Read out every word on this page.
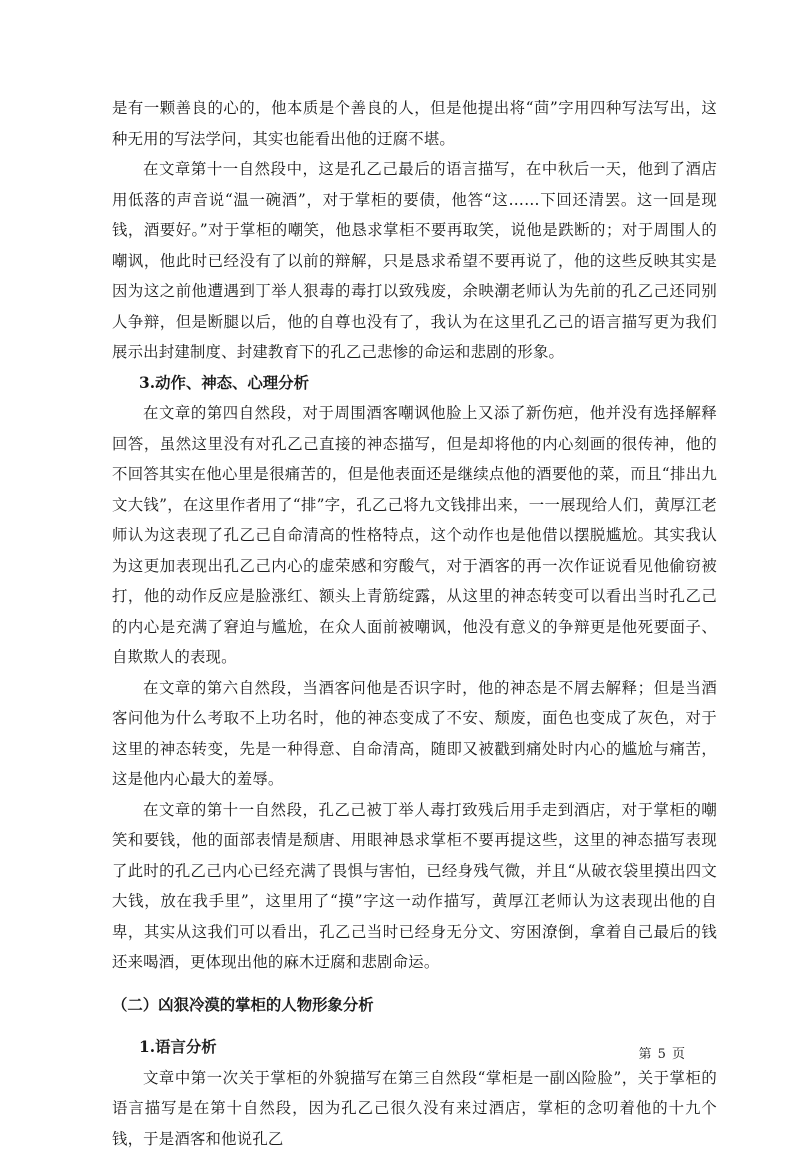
是有一颗善良的心的，他本质是个善良的人，但是他提出将“茴”字用四种写法写出，这种无用的写法学问，其实也能看出他的迂腐不堪。

在文章第十一自然段中，这是孔乙己最后的语言描写，在中秋后一天，他到了酒店用低落的声音说“温一碗酒”，对于掌柜的要债，他答“这……下回还清罢。这一回是现钱，酒要好。”对于掌柜的嘲笑，他恳求掌柜不要再取笑，说他是跌断的；对于周围人的嘲讽，他此时已经没有了以前的辩解，只是恳求希望不要再说了，他的这些反映其实是因为这之前他遭遇到丁举人狠毒的毒打以致残废，余映潮老师认为先前的孔乙己还同别人争辩，但是断腿以后，他的自尊也没有了，我认为在这里孔乙己的语言描写更为我们展示出封建制度、封建教育下的孔乙己悲惨的命运和悲剧的形象。

3.动作、神态、心理分析

在文章的第四自然段，对于周围酒客嘲讽他脸上又添了新伤疤，他并没有选择解释回答，虽然这里没有对孔乙己直接的神态描写，但是却将他的内心刻画的很传神，他的不回答其实在他心里是很痛苦的，但是他表面还是继续点他的酒要他的菜，而且“排出九文大钱”，在这里作者用了“排”字，孔乙己将九文钱排出来，一一展现给人们，黄厚江老师认为这表现了孔乙己自命清高的性格特点，这个动作也是他借以摆脱尴尬。其实我认为这更加表现出孔乙己内心的虚荣感和穷酸气，对于酒客的再一次作证说看见他偷窃被打，他的动作反应是脸涨红、额头上青筋绽露，从这里的神态转变可以看出当时孔乙己的内心是充满了窘迫与尴尬，在众人面前被嘲讽，他没有意义的争辩更是他死要面子、自欺欺人的表现。

在文章的第六自然段，当酒客问他是否识字时，他的神态是不屑去解释；但是当酒客问他为什么考取不上功名时，他的神态变成了不安、颓废，面色也变成了灰色，对于这里的神态转变，先是一种得意、自命清高，随即又被戳到痛处时内心的尴尬与痛苦，这是他内心最大的羞辱。

在文章的第十一自然段，孔乙己被丁举人毒打致残后用手走到酒店，对于掌柜的嘲笑和要钱，他的面部表情是颓唐、用眼神恳求掌柜不要再提这些，这里的神态描写表现了此时的孔乙己内心已经充满了畏惧与害怕，已经身残气微，并且“从破衣袋里摸出四文大钱，放在我手里”，这里用了“摸”字这一动作描写，黄厚江老师认为这表现出他的自卑，其实从这我们可以看出，孔乙己当时已经身无分文、穷困潦倒，拿着自己最后的钱还来喝酒，更体现出他的麻木迂腐和悲剧命运。

（二）凶狠冷漠的掌柜的人物形象分析

1.语言分析

文章中第一次关于掌柜的外貌描写在第三自然段“掌柜是一副凶险脸”，关于掌柜的语言描写是在第十自然段，因为孔乙己很久没有来过酒店，掌柜的念叨着他的十九个钱，于是酒客和他说孔乙

第 5 页
